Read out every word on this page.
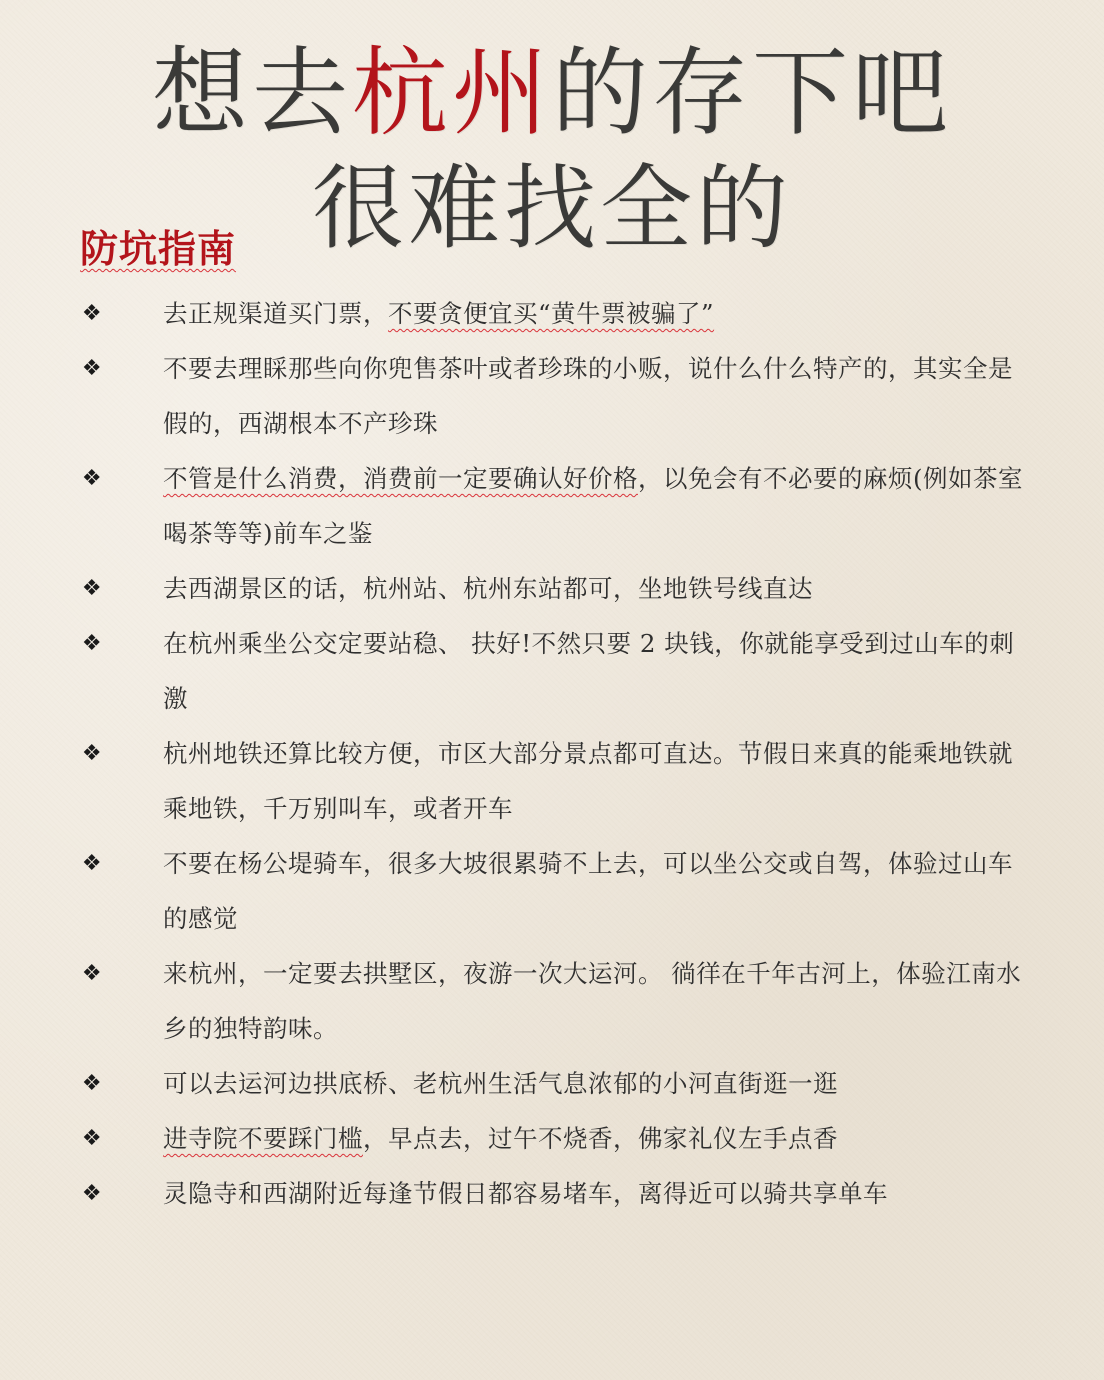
想去杭州的存下吧
很难找全的
防坑指南
❖ 去正规渠道买门票，不要贪便宜买“黄牛票被骗了”
❖ 不要去理睬那些向你兜售茶叶或者珍珠的小贩，说什么什么特产的，其实全是假的，西湖根本不产珍珠
❖ 不管是什么消费，消费前一定要确认好价格，以免会有不必要的麻烦(例如茶室喝茶等等)前车之鉴
❖ 去西湖景区的话，杭州站、杭州东站都可，坐地铁号线直达
❖ 在杭州乘坐公交定要站稳、 扶好!不然只要 2 块钱，你就能享受到过山车的刺激
❖ 杭州地铁还算比较方便，市区大部分景点都可直达。节假日来真的能乘地铁就乘地铁，千万别叫车，或者开车
❖ 不要在杨公堤骑车，很多大坡很累骑不上去，可以坐公交或自驾，体验过山车的感觉
❖ 来杭州，一定要去拱墅区，夜游一次大运河。 徜徉在千年古河上，体验江南水乡的独特韵味。
❖ 可以去运河边拱底桥、老杭州生活气息浓郁的小河直街逛一逛
❖ 进寺院不要踩门槛，早点去，过午不烧香，佛家礼仪左手点香
❖ 灵隐寺和西湖附近每逢节假日都容易堵车，离得近可以骑共享单车
